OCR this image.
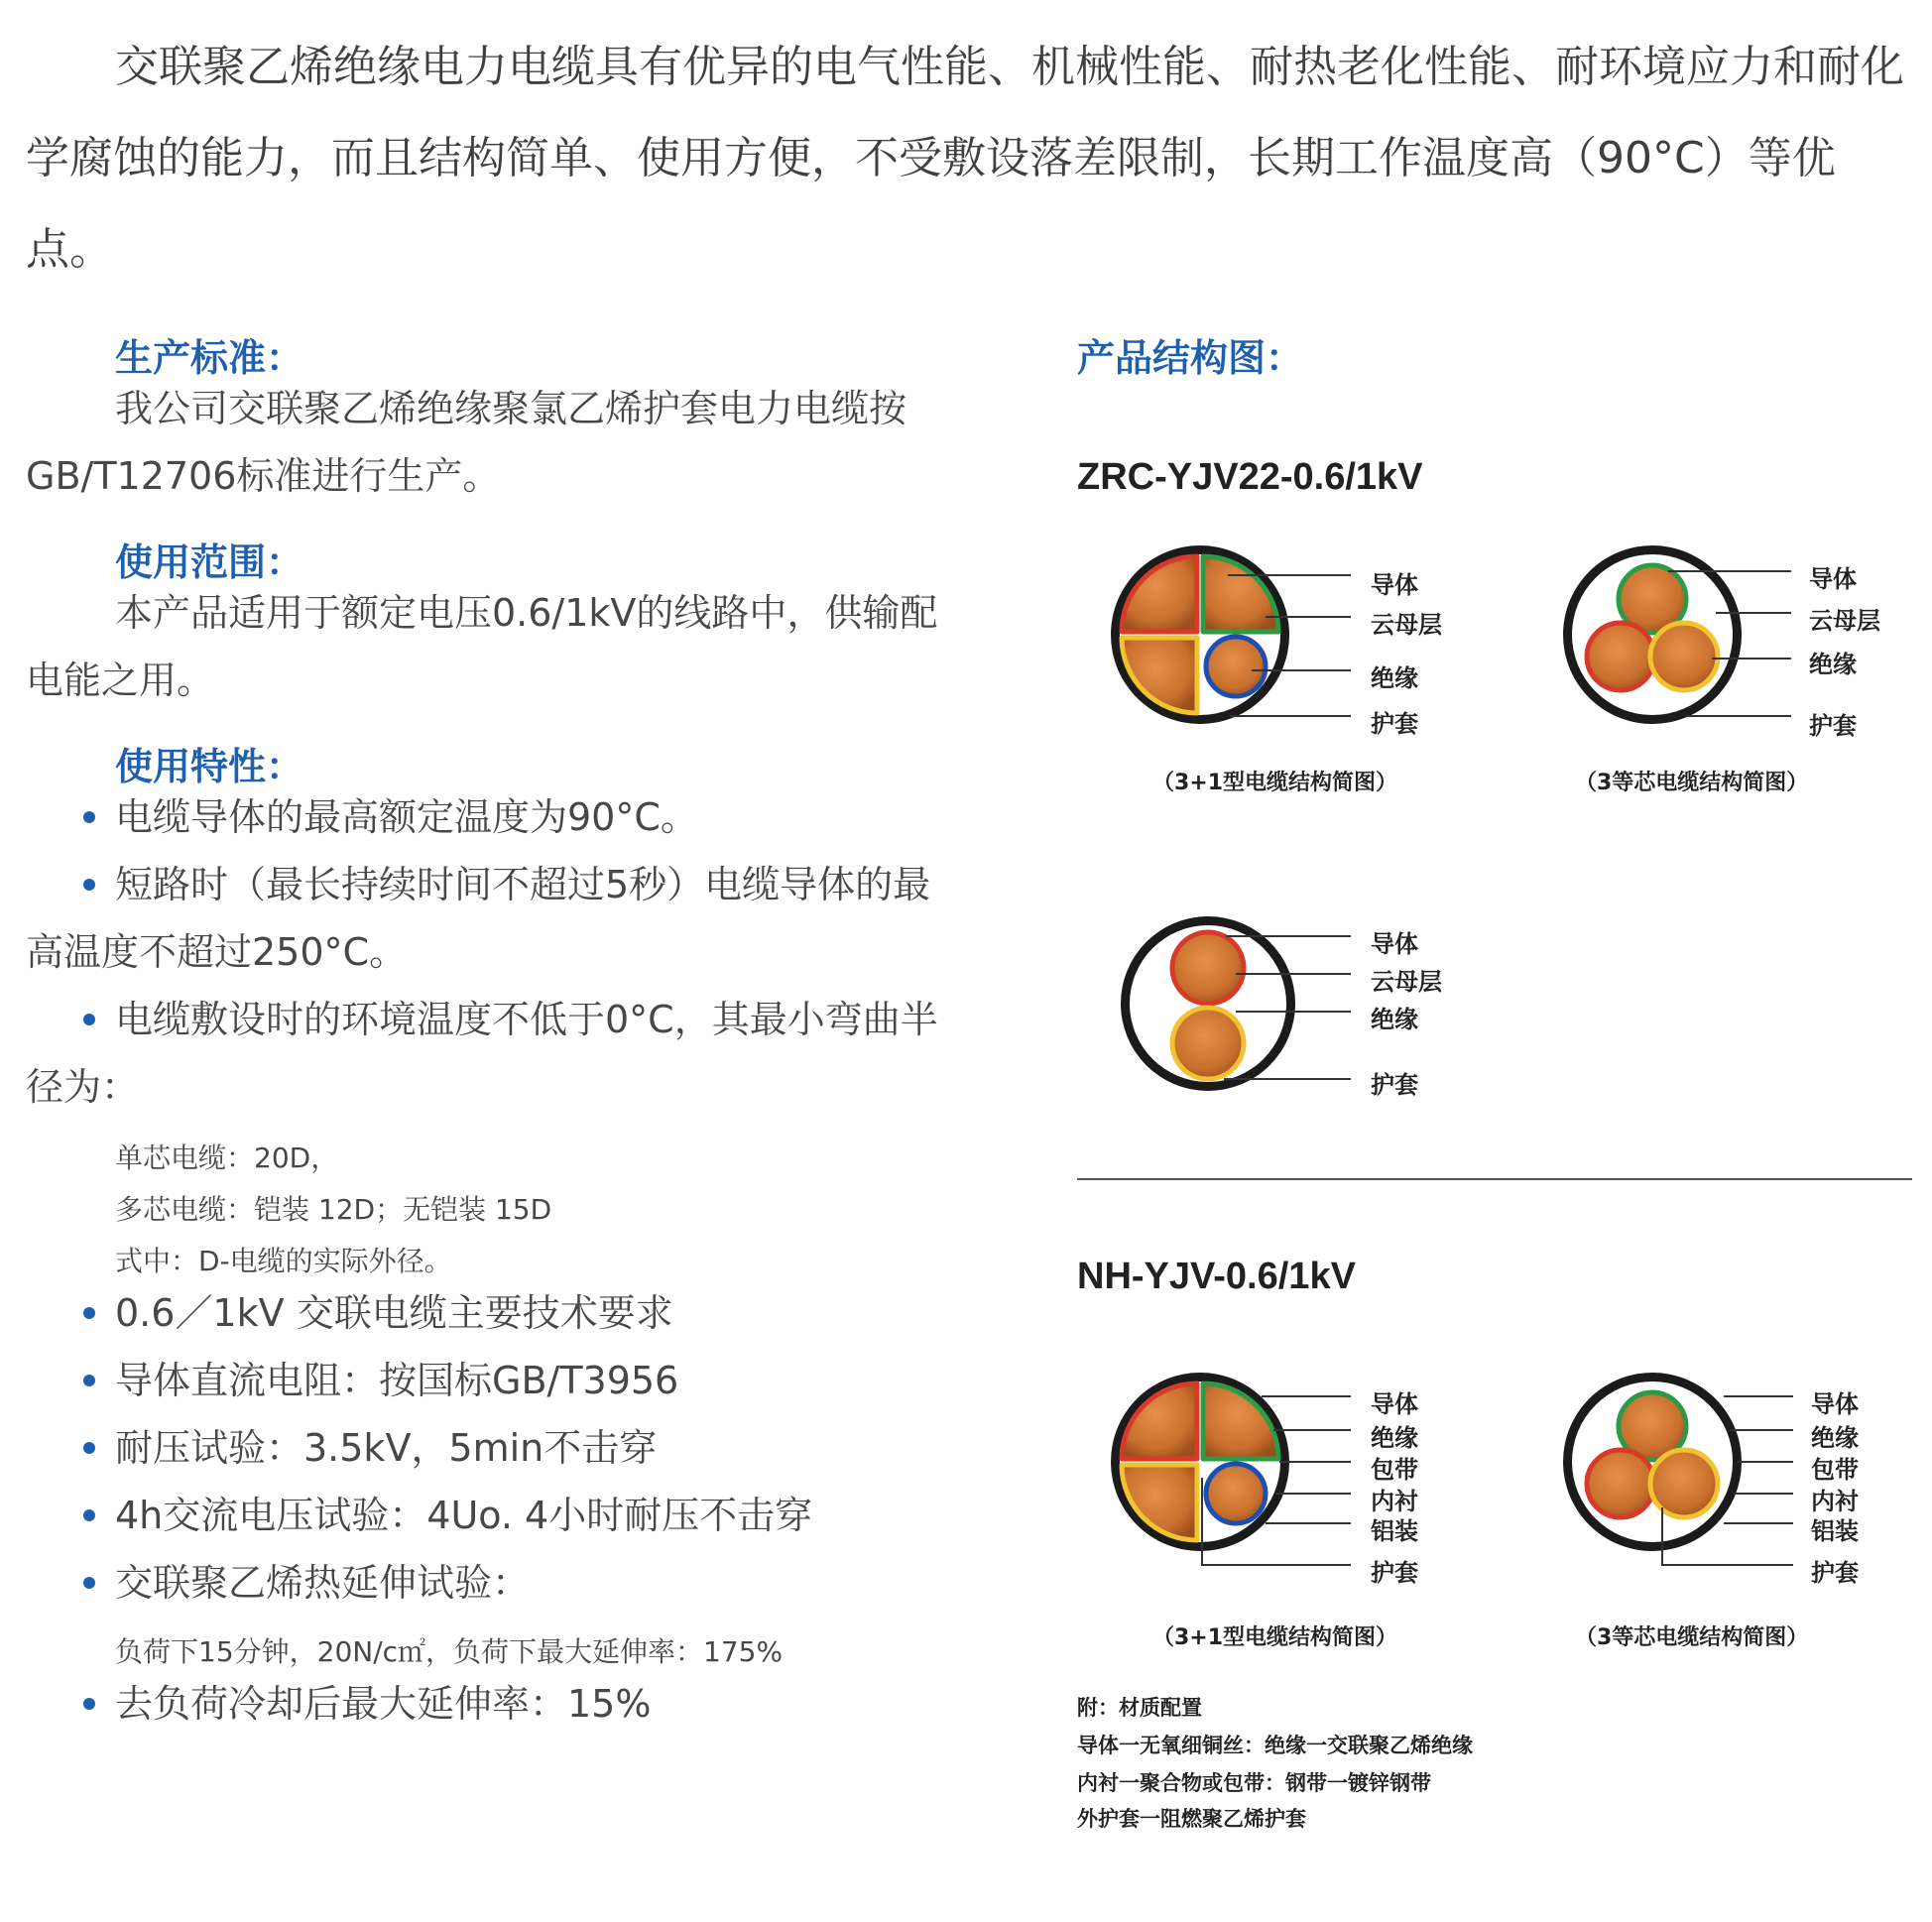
交联聚乙烯绝缘电力电缆具有优异的电气性能、机械性能、耐热老化性能、耐环境应力和耐化

学腐蚀的能力，而且结构简单、使用方便，不受敷设落差限制，长期工作温度高（90°C）等优点。

生产标准：

我公司交联聚乙烯绝缘聚氯乙烯护套电力电缆按

GB/T12706标准进行生产。

使用范围：

本产品适用于额定电压0.6/1kV的线路中，供输配

电能之用。

使用特性：

电缆导体的最高额定温度为90°C。

短路时（最长持续时间不超过5秒）电缆导体的最

高温度不超过250°C。

电缆敷设时的环境温度不低于0°C，其最小弯曲半

径为：

单芯电缆：20D，
多芯电缆：铠装 12D；无铠装 15D
式中：D-电缆的实际外径。

0.6／1kV 交联电缆主要技术要求

导体直流电阻：按国标GB/T3956

耐压试验：3.5kV，5min不击穿

4h交流电压试验：4Uo. 4小时耐压不击穿

交联聚乙烯热延伸试验：

负荷下15分钟，20N/c㎡，负荷下最大延伸率：175%

去负荷冷却后最大延伸率：15%

产品结构图：
ZRC-YJV22-0.6/1kV
NH-YJV-0.6/1kV
导体
云母层
绝缘
护套
（3+1型电缆结构简图）
导体
云母层
绝缘
护套
（3等芯电缆结构简图）
导体
云母层
绝缘
护套
导体
绝缘
包带
内衬
铝装
护套
（3+1型电缆结构简图）
导体
绝缘
包带
内衬
铝装
护套
（3等芯电缆结构简图）
附：材质配置
导体一无氧细铜丝：绝缘一交联聚乙烯绝缘
内衬一聚合物或包带：钢带一镀锌钢带
外护套一阻燃聚乙烯护套
